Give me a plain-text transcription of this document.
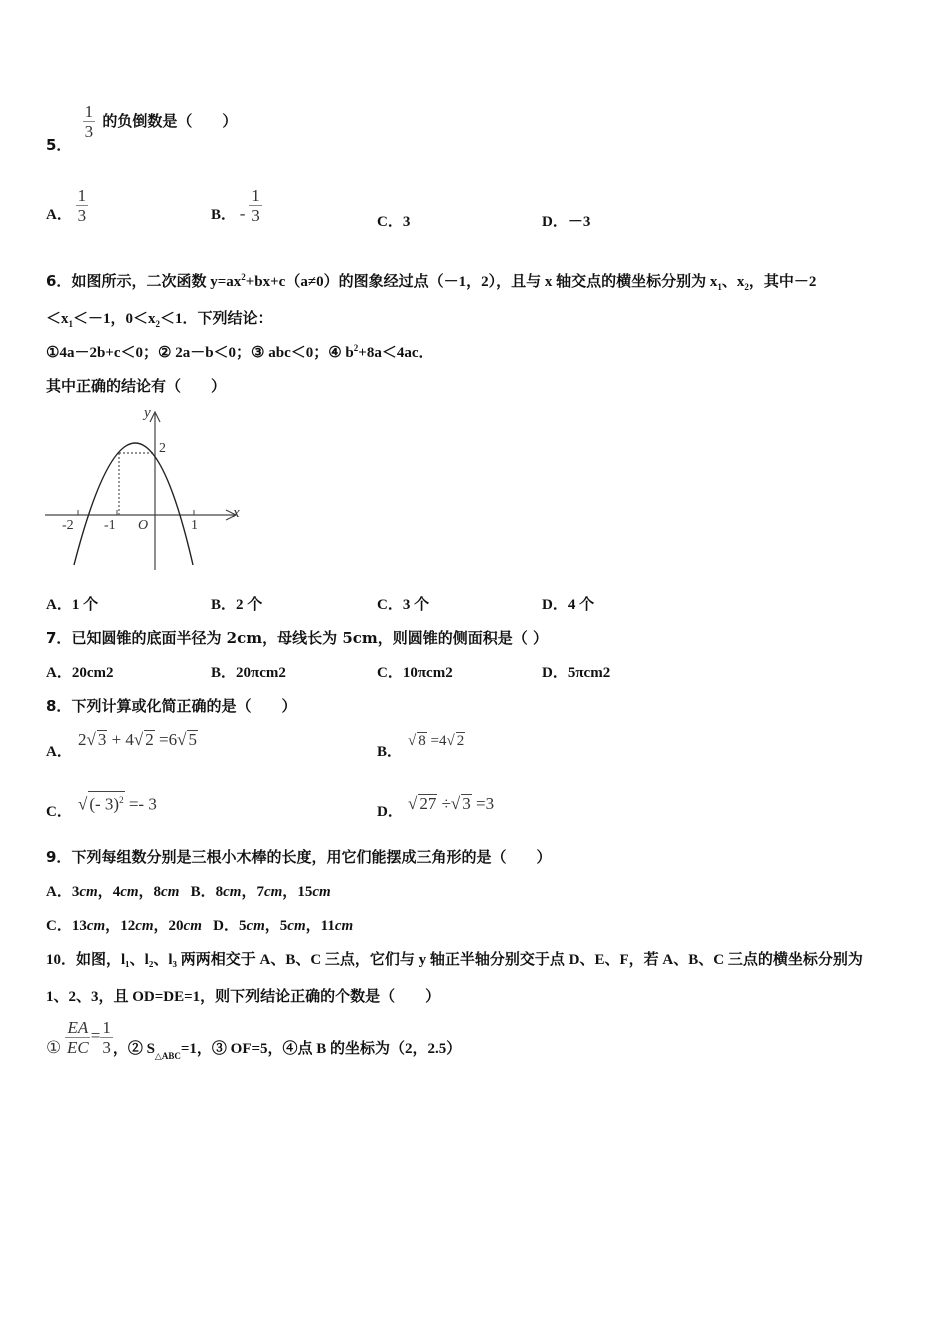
5．
$\frac{1}{3}$ 的负倒数是（　　）
A． $\frac{1}{3}$	B． - $\frac{1}{3}$	C．3	D．－3
6．如图所示，二次函数 $y=ax^2+bx+c(a\ne 0)$的图象经过点（－1，2），且与 x 轴交点的横坐标分别为 $x_1$、$x_2$，其中－2
$<x_1<-1$，$0<x_2<1$．下列结论：
①4a－2b+c＜0；② 2a－b＜0；③ abc＜0；④ $b^2+8a<4ac$．
其中正确的结论有（　　）
y
x
O
-2 -1	1
2
A．1 个	B．2 个	C．3 个	D．4 个
7．已知圆锥的底面半径为 2cm，母线长为 5cm，则圆锥的侧面积是（ ）
A．20cm2	B．20πcm2	C．10πcm2	D．5πcm2
8．下列计算或化简正确的是（　　）
A．
2√ 3 + 4√ 2 =6√ 5
B．
√ 8 =4√ 2
C． √ (- 3)$^2$ =- 3	D． √ 27 ÷√ 3 =3
9．下列每组数分别是三根小木棒的长度，用它们能摆成三角形的是（　　）
A．3cm，4cm，8cm B．8cm，7cm，15cm
C．13cm，12cm，20cm D．5cm，5cm，11cm
10．如图，l₁、l₂、l₃ 两两相交于 A、B、C 三点，它们与 y 轴正半轴分别交于点 D、E、F，若 A、B、C 三点的横坐标分别为
1、2、3，且 OD=DE=1，则下列结论正确的个数是（　　）
① $\frac{EA}{EC} = \frac{1}{3}$ ，② $S_{\triangle ABC}=1$，③ OF=5，④点 B 的坐标为（2，2.5）
